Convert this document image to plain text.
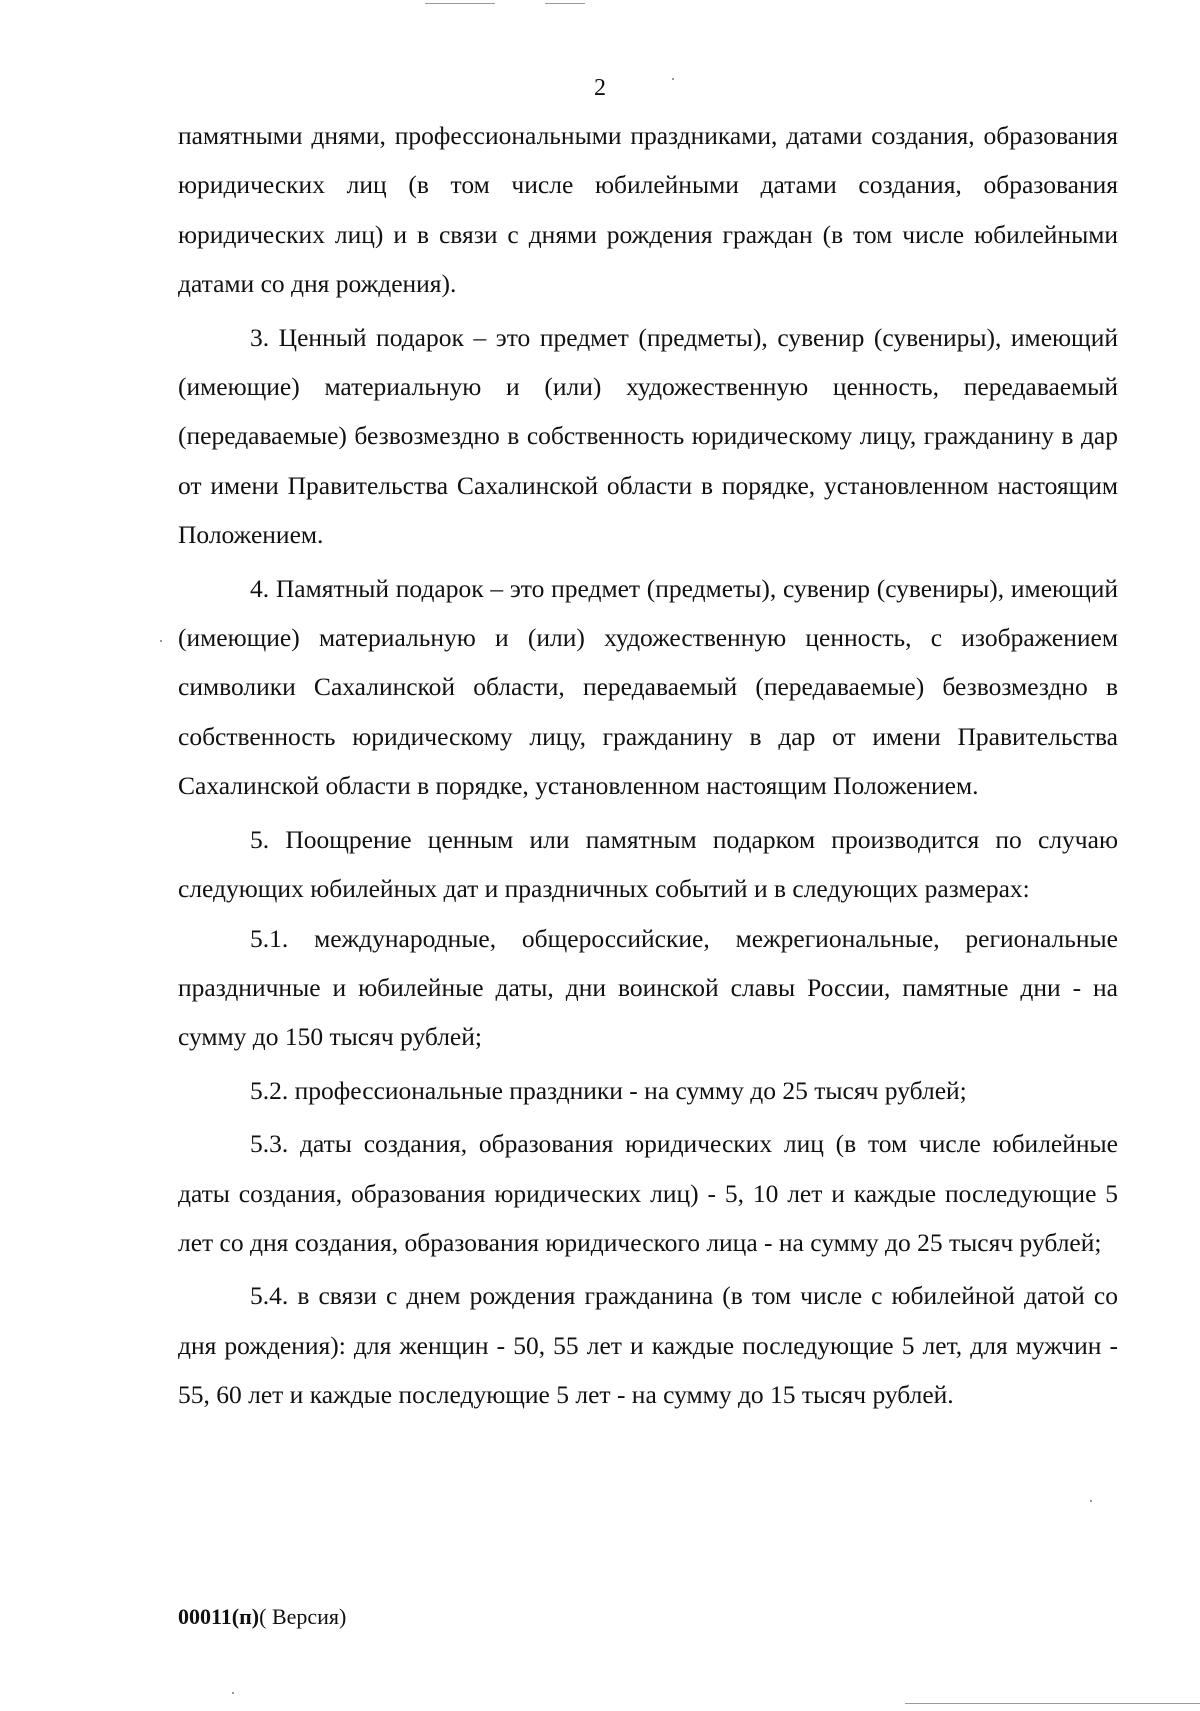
2

памятными днями, профессиональными праздниками, датами создания, образования юридических лиц (в том числе юбилейными датами создания, образования юридических лиц) и в связи с днями рождения граждан (в том числе юбилейными датами со дня рождения).

3. Ценный подарок – это предмет (предметы), сувенир (сувениры), имеющий (имеющие) материальную и (или) художественную ценность, передаваемый (передаваемые) безвозмездно в собственность юридическому лицу, гражданину в дар от имени Правительства Сахалинской области в порядке, установленном настоящим Положением.

4. Памятный подарок – это предмет (предметы), сувенир (сувениры), имеющий (имеющие) материальную и (или) художественную ценность, с изображением символики Сахалинской области, передаваемый (передаваемые) безвозмездно в собственность юридическому лицу, гражданину в дар от имени Правительства Сахалинской области в порядке, установленном настоящим Положением.

5. Поощрение ценным или памятным подарком производится по случаю следующих юбилейных дат и праздничных событий и в следующих размерах:

5.1. международные, общероссийские, межрегиональные, региональные праздничные и юбилейные даты, дни воинской славы России, памятные дни - на сумму до 150 тысяч рублей;

5.2. профессиональные праздники - на сумму до 25 тысяч рублей;

5.3. даты создания, образования юридических лиц (в том числе юбилейные даты создания, образования юридических лиц) - 5, 10 лет и каждые последующие 5 лет со дня создания, образования юридического лица - на сумму до 25 тысяч рублей;

5.4. в связи с днем рождения гражданина (в том числе с юбилейной датой со дня рождения): для женщин - 50, 55 лет и каждые последующие 5 лет, для мужчин - 55, 60 лет и каждые последующие 5 лет - на сумму до 15 тысяч рублей.

00011(п)( Версия)
